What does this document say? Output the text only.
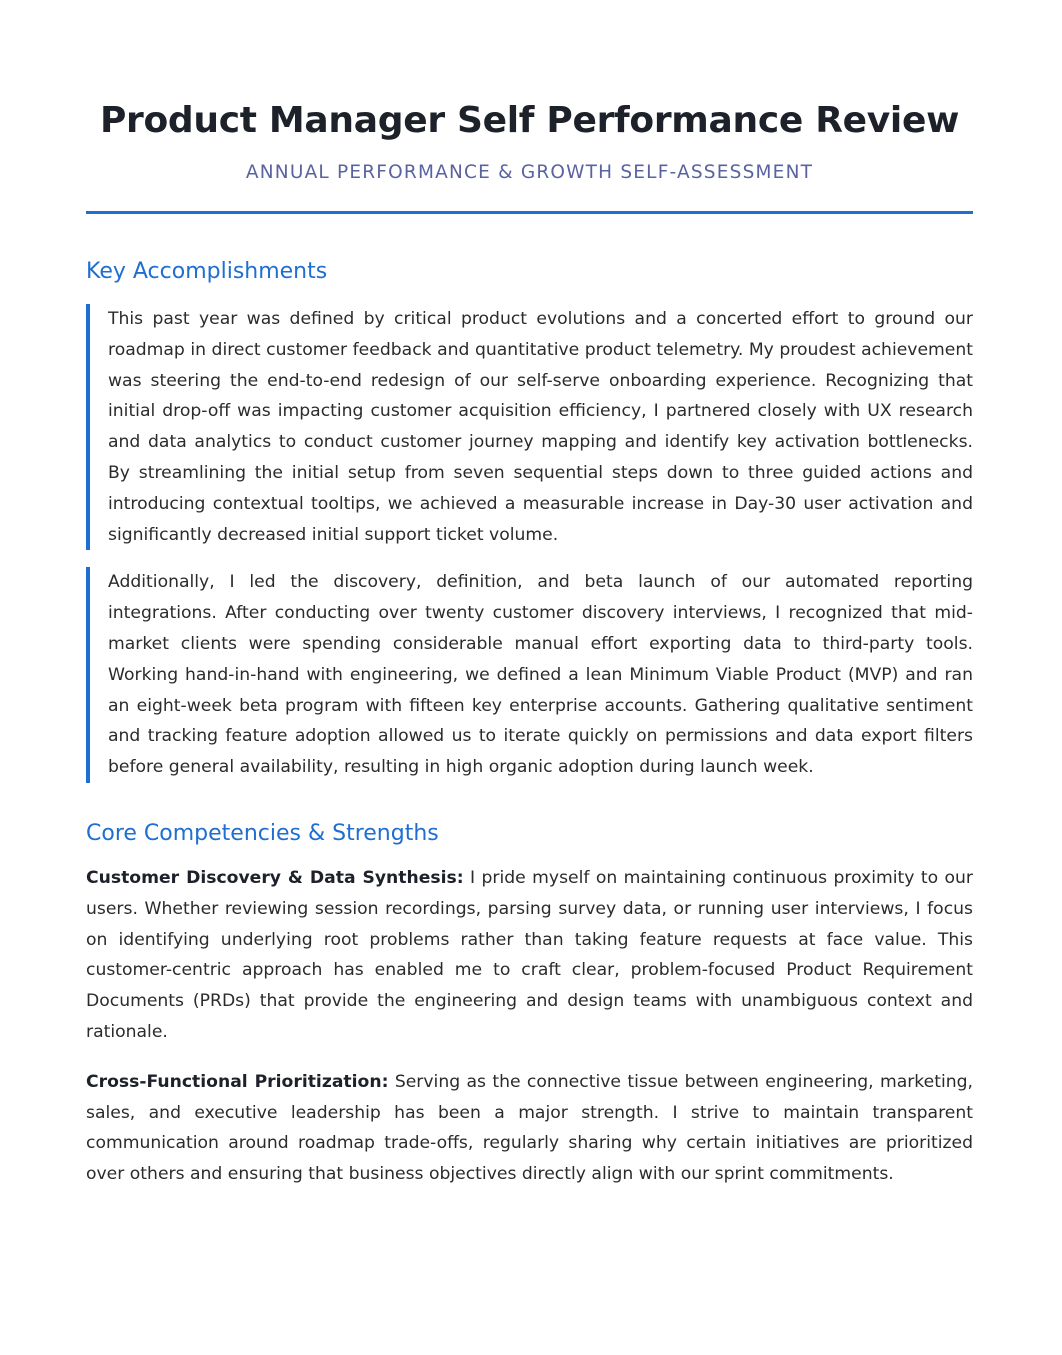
Product Manager Self Performance Review
ANNUAL PERFORMANCE & GROWTH SELF-ASSESSMENT
Key Accomplishments

This past year was defined by critical product evolutions and a concerted effort to ground our roadmap in direct customer feedback and quantitative product telemetry. My proudest achievement was steering the end-to-end redesign of our self-serve onboarding experience. Recognizing that initial drop-off was impacting customer acquisition efficiency, I partnered closely with UX research and data analytics to conduct customer journey mapping and identify key activation bottlenecks. By streamlining the initial setup from seven sequential steps down to three guided actions and introducing contextual tooltips, we achieved a measurable increase in Day-30 user activation and significantly decreased initial support ticket volume.

Additionally, I led the discovery, definition, and beta launch of our automated reporting integrations. After conducting over twenty customer discovery interviews, I recognized that mid-market clients were spending considerable manual effort exporting data to third-party tools. Working hand-in-hand with engineering, we defined a lean Minimum Viable Product (MVP) and ran an eight-week beta program with fifteen key enterprise accounts. Gathering qualitative sentiment and tracking feature adoption allowed us to iterate quickly on permissions and data export filters before general availability, resulting in high organic adoption during launch week.

Core Competencies & Strengths

Customer Discovery & Data Synthesis: I pride myself on maintaining continuous proximity to our users. Whether reviewing session recordings, parsing survey data, or running user interviews, I focus on identifying underlying root problems rather than taking feature requests at face value. This customer-centric approach has enabled me to craft clear, problem-focused Product Requirement Documents (PRDs) that provide the engineering and design teams with unambiguous context and rationale.

Cross-Functional Prioritization: Serving as the connective tissue between engineering, marketing, sales, and executive leadership has been a major strength. I strive to maintain transparent communication around roadmap trade-offs, regularly sharing why certain initiatives are prioritized over others and ensuring that business objectives directly align with our sprint commitments.
